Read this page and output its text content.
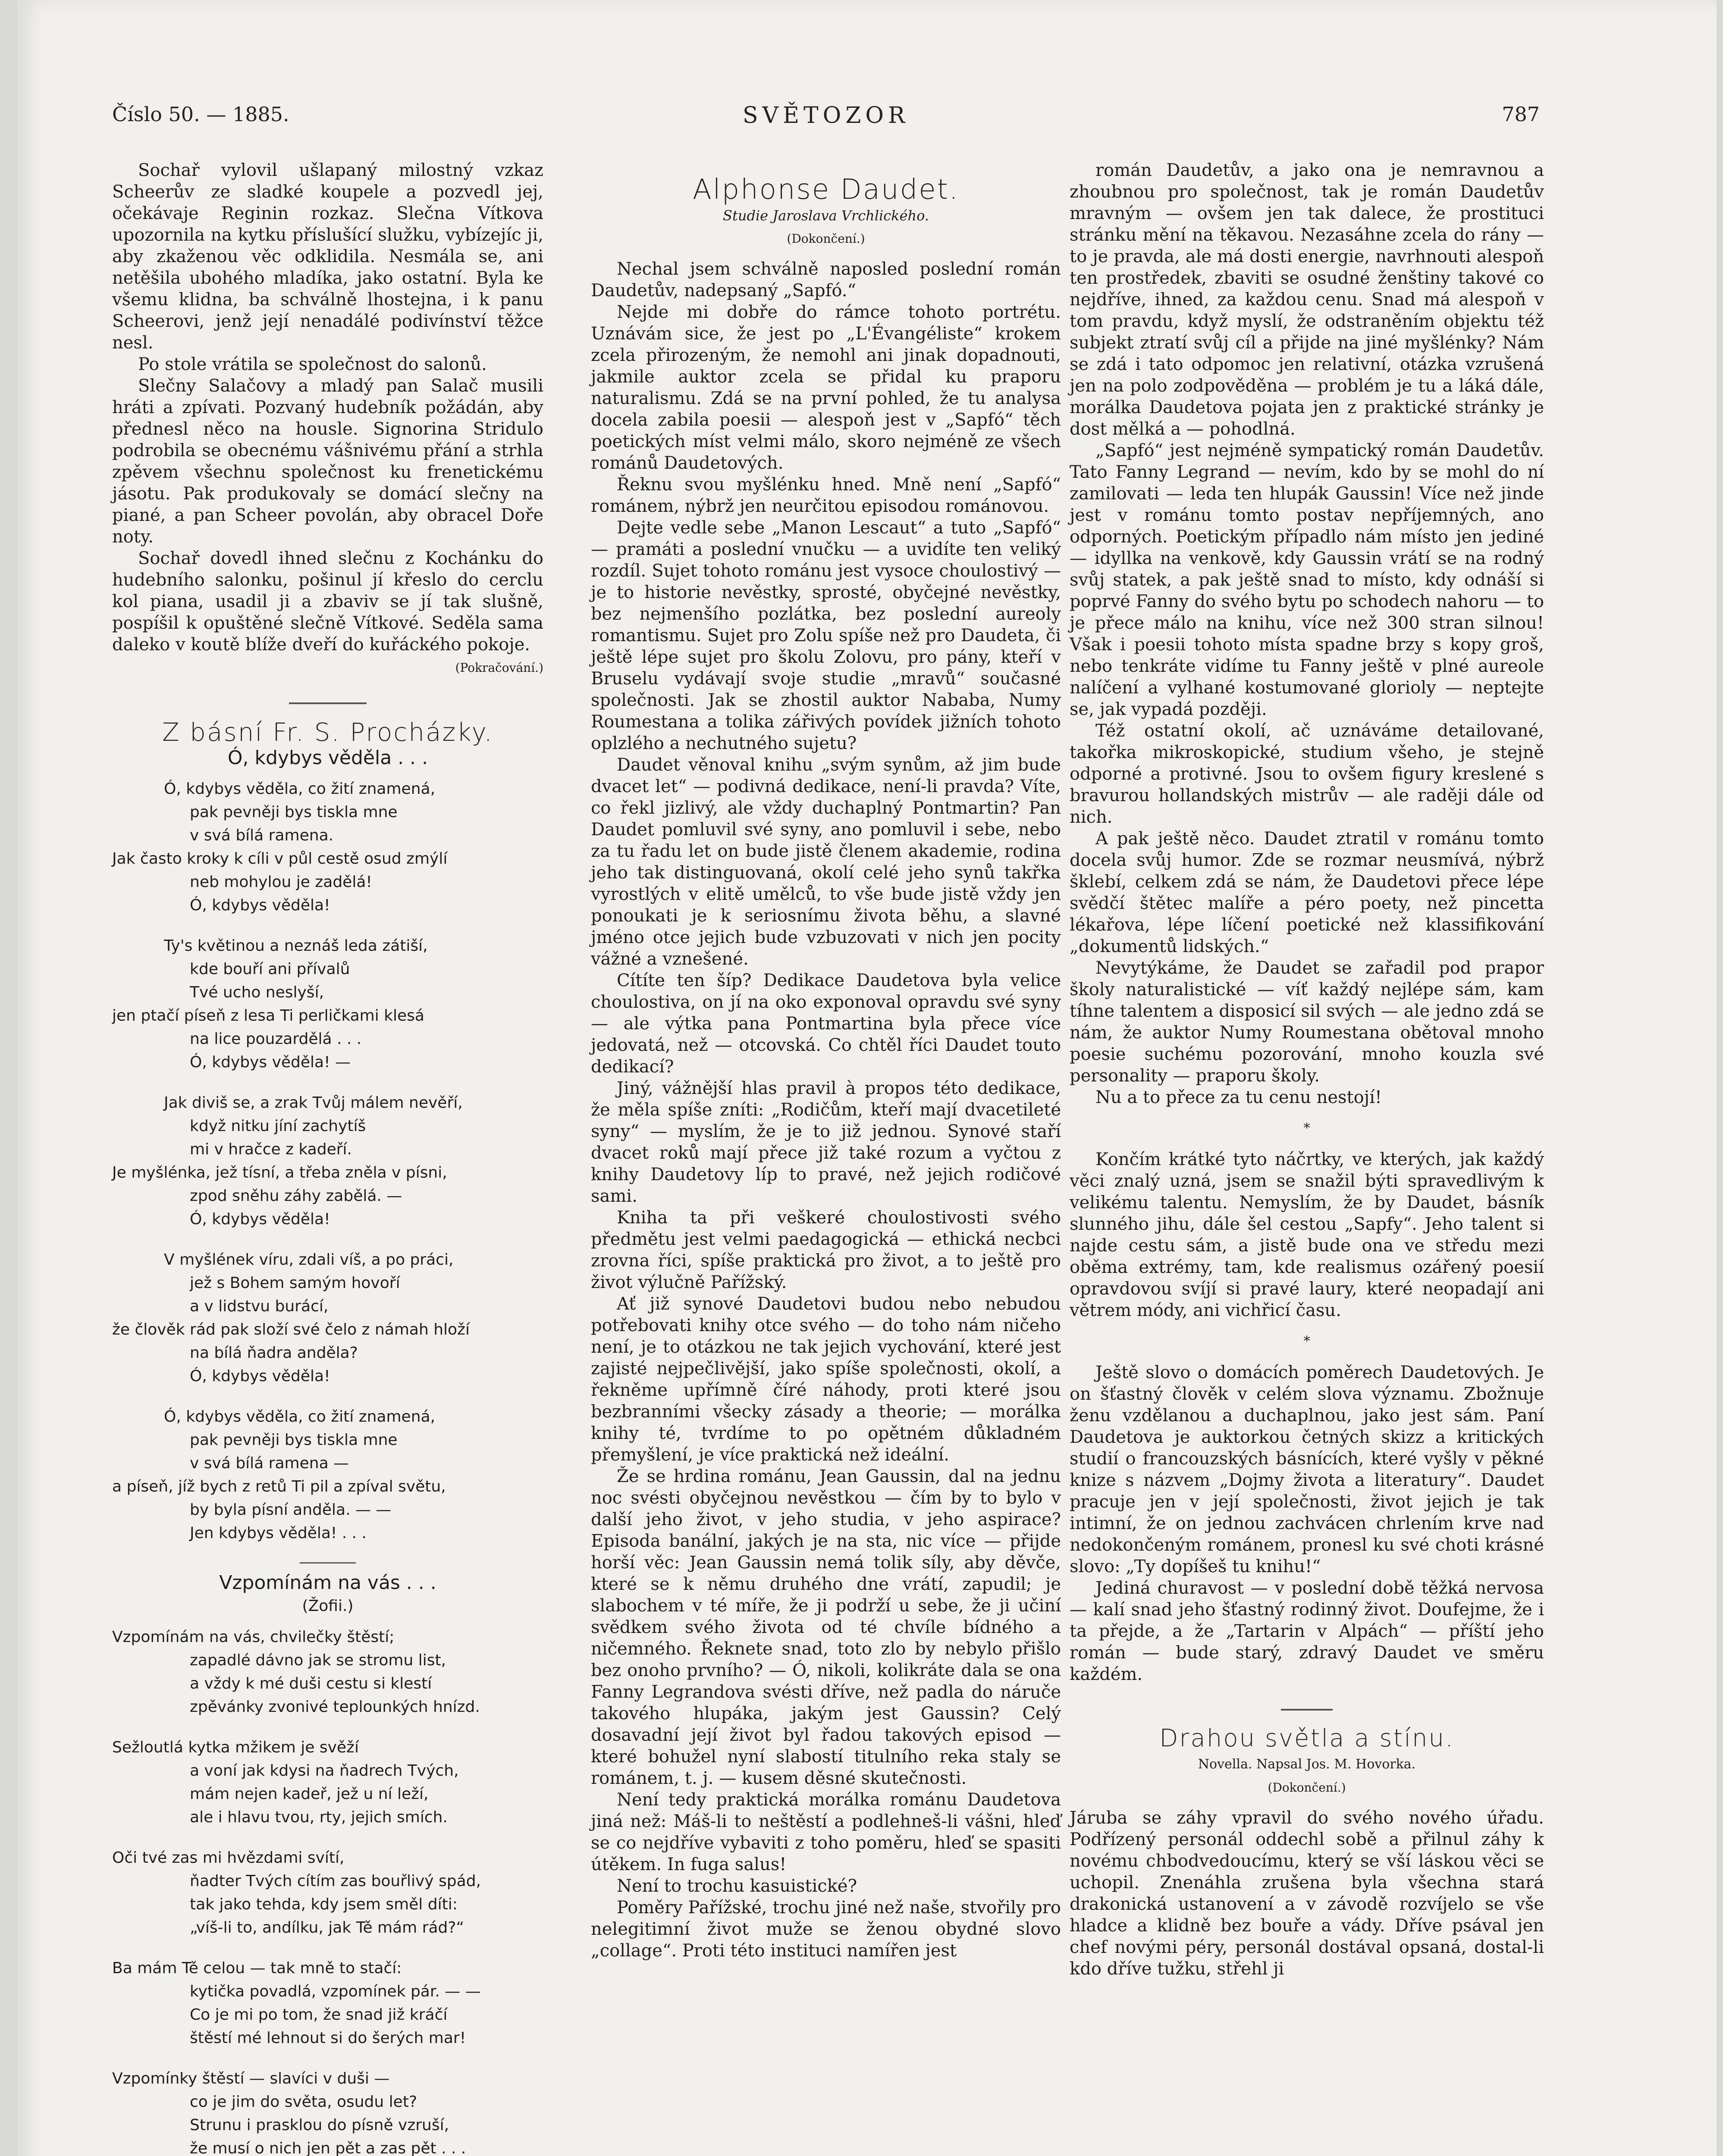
Číslo 50. — 1885.	SVĚTOZOR	787

Sochař vylovil ušlapaný milostný vzkaz Scheerův ze sladké koupele a pozvedl jej, očekávaje Reginin rozkaz. Slečna Vítkova upozornila na kytku příslušící služku, vybízejíc ji, aby zkaženou věc odklidila. Nesmála se, ani netěšila ubohého mladíka, jako ostatní. Byla ke všemu klidna, ba schválně lhostejna, i k panu Scheerovi, jenž její nenadálé podivínství těžce nesl.

Po stole vrátila se společnost do salonů.

Slečny Salačovy a mladý pan Salač musili hráti a zpívati. Pozvaný hudebník požádán, aby přednesl něco na housle. Signorina Stridulo podrobila se obecnému vášnivému přání a strhla zpěvem všechnu společnost ku frenetickému jásotu. Pak produkovaly se domácí slečny na piané, a pan Scheer povolán, aby obracel Doře noty.

Sochař dovedl ihned slečnu z Kochánku do hudebního salonku, pošinul jí křeslo do cerclu kol piana, usadil ji a zbaviv se jí tak slušně, pospíšil k opuštěné slečně Vítkové. Seděla sama daleko v koutě blíže dveří do kuřáckého pokoje.

(Pokračování.)
Z básní Fr. S. Procházky.
Ó, kdybys věděla . . .
Ó, kdybys věděla, co žití znamená,
pak pevněji bys tiskla mne
v svá bílá ramena.
Jak často kroky k cíli v půl cestě osud zmýlí
neb mohylou je zadělá!
Ó, kdybys věděla!
Ty's květinou a neznáš leda zátiší,
kde bouří ani přívalů
Tvé ucho neslyší,
jen ptačí píseň z lesa Ti perličkami klesá
na lice pouzardělá . . .
Ó, kdybys věděla! —
Jak diviš se, a zrak Tvůj málem nevěří,
když nitku jíní zachytíš
mi v hračce z kadeří.
Je myšlénka, jež tísní, a třeba zněla v písni,
zpod sněhu záhy zabělá. —
Ó, kdybys věděla!
V myšlének víru, zdali víš, a po práci,
jež s Bohem samým hovoří
a v lidstvu burácí,
že člověk rád pak složí své čelo z námah hloží
na bílá ňadra anděla?
Ó, kdybys věděla!
Ó, kdybys věděla, co žití znamená,
pak pevněji bys tiskla mne
v svá bílá ramena —
a píseň, jíž bych z retů Ti pil a zpíval světu,
by byla písní anděla. — —
Jen kdybys věděla! . . .
Vzpomínám na vás . . .
(Žofii.)
Vzpomínám na vás, chvilečky štěstí;
zapadlé dávno jak se stromu list,
a vždy k mé duši cestu si klestí
zpěvánky zvonivé teplounkých hnízd.
Sežloutlá kytka mžikem je svěží
a vonı́ jak kdysi na ňadrech Tvých,
mám nejen kadeř, jež u ní leží,
ale i hlavu tvou, rty, jejich smích.
Oči tvé zas mi hvězdami svítí,
ňadter Tvých cítím zas bouřlivý spád,
tak jako tehda, kdy jsem směl díti:
„víš-li to, andílku, jak Tě mám rád?“
Ba mám Tě celou — tak mně to stačí:
kytička povadlá, vzpomínek pár. — —
Co je mi po tom, že snad již kráčí
štěstí mé lehnout si do šerých mar!
Vzpomínky štěstí — slavíci v duši —
co je jim do světa, osudu let?
Strunu i prasklou do písně vzruší,
že musí o nich jen pět a zas pět . . .
Alphonse Daudet.
Studie Jaroslava Vrchlického.
(Dokončení.)

Nechal jsem schválně naposled poslední román Daudetův, nadepsaný „Sapfó.“

Nejde mi dobře do rámce tohoto portrétu. Uznávám sice, že jest po „L'Évangéliste“ krokem zcela přirozeným, že nemohl ani jinak dopadnouti, jakmile auktor zcela se přidal ku praporu naturalismu. Zdá se na první pohled, že tu analysa docela zabila poesii — alespoň jest v „Sapfó“ těch poetických míst velmi málo, skoro nejméně ze všech románů Daudetových.

Řeknu svou myšlénku hned. Mně není „Sapfó“ románem, nýbrž jen neurčitou episodou románovou.

Dejte vedle sebe „Manon Lescaut“ a tuto „Sapfó“ — pramáti a poslední vnučku — a uvidíte ten veliký rozdíl. Sujet tohoto románu jest vysoce choulostivý — je to historie nevěstky, sprosté, obyčejné nevěstky, bez nejmenšího pozlátka, bez poslední aureoly romantismu. Sujet pro Zolu spíše než pro Daudeta, či ještě lépe sujet pro školu Zolovu, pro pány, kteří v Bruselu vydávají svoje studie „mravů“ současné společnosti. Jak se zhostil auktor Nababa, Numy Roumestana a tolika zářivých povídek jižních tohoto oplzlého a nechutného sujetu?

Daudet věnoval knihu „svým synům, až jim bude dvacet let“ — podivná dedikace, není-li pravda? Víte, co řekl jizlivý, ale vždy duchaplný Pontmartin? Pan Daudet pomluvil své syny, ano pomluvil i sebe, nebo za tu řadu let on bude jistě členem akademie, rodina jeho tak distinguovaná, okolí celé jeho synů takřka vyrostlých v elitě umělců, to vše bude jistě vždy jen ponoukati je k seriosnímu života běhu, a slavné jméno otce jejich bude vzbuzovati v nich jen pocity vážné a vznešené.

Cítíte ten šíp? Dedikace Daudetova byla velice choulostiva, on jí na oko exponoval opravdu své syny — ale výtka pana Pontmartina byla přece více jedovatá, než — otcovská. Co chtěl říci Daudet touto dedikací?

Jiný, vážnější hlas pravil à propos této dedikace, že měla spíše zníti: „Rodičům, kteří mají dvacetileté syny“ — myslím, že je to již jednou. Synové staří dvacet roků mají přece již také rozum a vyčtou z knihy Daudetovy líp to pravé, než jejich rodičové sami.

Kniha ta při veškeré choulostivosti svého předmětu jest velmi paedagogická — ethická necbci zrovna říci, spíše praktická pro život, a to ještě pro život výlučně Pařížský.

Ať již synové Daudetovi budou nebo nebudou potřebovati knihy otce svého — do toho nám ničeho není, je to otázkou ne tak jejich vychování, které jest zajisté nejpečlivější, jako spíše společnosti, okolí, a řekněme upřímně číré náhody, proti které jsou bezbranními všecky zásady a theorie; — morálka knihy té, tvrdíme to po opětném důkladném přemyšlení, je více praktická než ideální.

Že se hrdina románu, Jean Gaussin, dal na jednu noc svésti obyčejnou nevěstkou — čím by to bylo v další jeho život, v jeho studia, v jeho aspirace? Episoda banální, jakých je na sta, nic více — přijde horší věc: Jean Gaussin nemá tolik síly, aby děvče, které se k němu druhého dne vrátí, zapudil; je slabochem v té míře, že ji podrží u sebe, že ji učiní svědkem svého života od té chvíle bídného a ničemného. Řeknete snad, toto zlo by nebylo přišlo bez onoho prvního? — Ó, nikoli, kolikráte dala se ona Fanny Legrandova svésti dříve, než padla do náruče takového hlupáka, jakým jest Gaussin? Celý dosavadní její život byl řadou takových episod — které bohužel nyní slabostí titulního reka staly se románem, t. j. — kusem děsné skutečnosti.

Není tedy praktická morálka románu Daudetova jiná než: Máš-li to neštěstí a podlehneš-li vášni, hleď se co nejdříve vybaviti z toho poměru, hleď se spasiti útěkem. In fuga salus!

Není to trochu kasuistické?

Poměry Pařížské, trochu jiné než naše, stvořily pro nelegitimní život muže se ženou obydné slovo „collage“. Proti této instituci namířen jest

román Daudetův, a jako ona je nemravnou a zhoubnou pro společnost, tak je román Daudetův mravným — ovšem jen tak dalece, že prostituci stránku mění na těkavou. Nezasáhne zcela do rány — to je pravda, ale má dosti energie, navrhnouti alespoň ten prostředek, zbaviti se osudné ženštiny takové co nejdříve, ihned, za každou cenu. Snad má alespoň v tom pravdu, když myslí, že odstraněním objektu též subjekt ztratí svůj cíl a přijde na jiné myšlénky? Nám se zdá i tato odpomoc jen relativní, otázka vzrušená jen na polo zodpověděna — problém je tu a láká dále, morálka Daudetova pojata jen z praktické stránky je dost mělká a — pohodlná.

„Sapfó“ jest nejméně sympatický román Daudetův. Tato Fanny Legrand — nevím, kdo by se mohl do ní zamilovati — leda ten hlupák Gaussin! Více než jinde jest v románu tomto postav nepříjemných, ano odporných. Poetickým případlo nám místo jen jediné — idyllka na venkově, kdy Gaussin vrátí se na rodný svůj statek, a pak ještě snad to místo, kdy odnáší si poprvé Fanny do svého bytu po schodech nahoru — to je přece málo na knihu, více než 300 stran silnou! Však i poesii tohoto místa spadne brzy s kopy groš, nebo tenkráte vidíme tu Fanny ještě v plné aureole nalíčení a vylhané kostumované glorioly — neptejte se, jak vypadá později.

Též ostatní okolí, ač uznáváme detailované, takořka mikroskopické, studium všeho, je stejně odporné a protivné. Jsou to ovšem figury kreslené s bravurou hollandských mistrův — ale raději dále od nich.

A pak ještě něco. Daudet ztratil v románu tomto docela svůj humor. Zde se rozmar neusmívá, nýbrž šklebí, celkem zdá se nám, že Daudetovi přece lépe svědčí štětec malíře a péro poety, než pincetta lékařova, lépe líčení poetické než klassifikování „dokumentů lidských.“

Nevytýkáme, že Daudet se zařadil pod prapor školy naturalistické — víť každý nejlépe sám, kam tíhne talentem a disposicí sil svých — ale jedno zdá se nám, že auktor Numy Roumestana obětoval mnoho poesie suchému pozorování, mnoho kouzla své personality — praporu školy.

Nu a to přece za tu cenu nestojí!

*

Končím krátké tyto náčrtky, ve kterých, jak každý věci znalý uzná, jsem se snažil býti spravedlivým k velikému talentu. Nemyslím, že by Daudet, básník slunného jihu, dále šel cestou „Sapfy“. Jeho talent si najde cestu sám, a jistě bude ona ve středu mezi oběma extrémy, tam, kde realismus ozářený poesií opravdovou svíjí si pravé laury, které neopadají ani větrem módy, ani vichřicí času.

*

Ještě slovo o domácích poměrech Daudetových. Je on šťastný člověk v celém slova významu. Zbožnuje ženu vzdělanou a duchaplnou, jako jest sám. Paní Daudetova je auktorkou četných skizz a kritických studií o francouzských básnících, které vyšly v pěkné knize s názvem „Dojmy života a literatury“. Daudet pracuje jen v její společnosti, život jejich je tak intimní, že on jednou zachvácen chrlením krve nad nedokončeným románem, pronesl ku své choti krásné slovo: „Ty dopíšeš tu knihu!“

Jediná churavost — v poslední době těžká nervosa — kalí snad jeho šťastný rodinný život. Doufejme, že i ta přejde, a že „Tartarin v Alpách“ — příští jeho román — bude starý, zdravý Daudet ve směru každém.

Drahou světla a stínu.
Novella. Napsal Jos. M. Hovorka.
(Dokončení.)

Járuba se záhy vpravil do svého nového úřadu. Podřízený personál oddechl sobě a přilnul záhy k novému chbodvedoucímu, který se vší láskou věci se uchopil. Znenáhla zrušena byla všechna stará drakonická ustanovení a v závodě rozvíjelo se vše hladce a klidně bez bouře a vády. Dříve psával jen chef novými péry, personál dostával opsaná, dostal-li kdo dříve tužku, střehl ji
